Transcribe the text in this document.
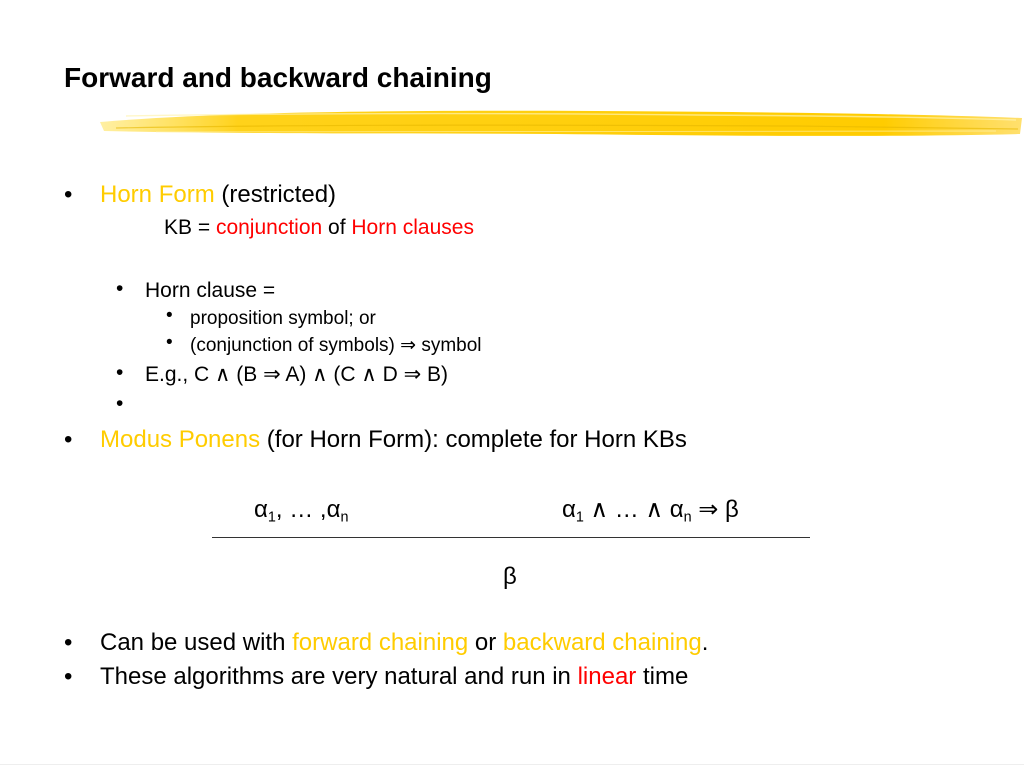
Forward and backward chaining
• Horn Form (restricted)
KB = conjunction of Horn clauses
• Horn clause =
• proposition symbol; or
• (conjunction of symbols) ⇒ symbol
• E.g., C ∧ (B ⇒ A) ∧ (C ∧ D ⇒ B)
•
• Modus Ponens (for Horn Form): complete for Horn KBs
$\alpha_1$, … $,\alpha_n$	$\alpha_1$ ∧ … ∧ $\alpha_n$ ⇒ β
β
• Can be used with forward chaining or backward chaining.
• These algorithms are very natural and run in linear time
